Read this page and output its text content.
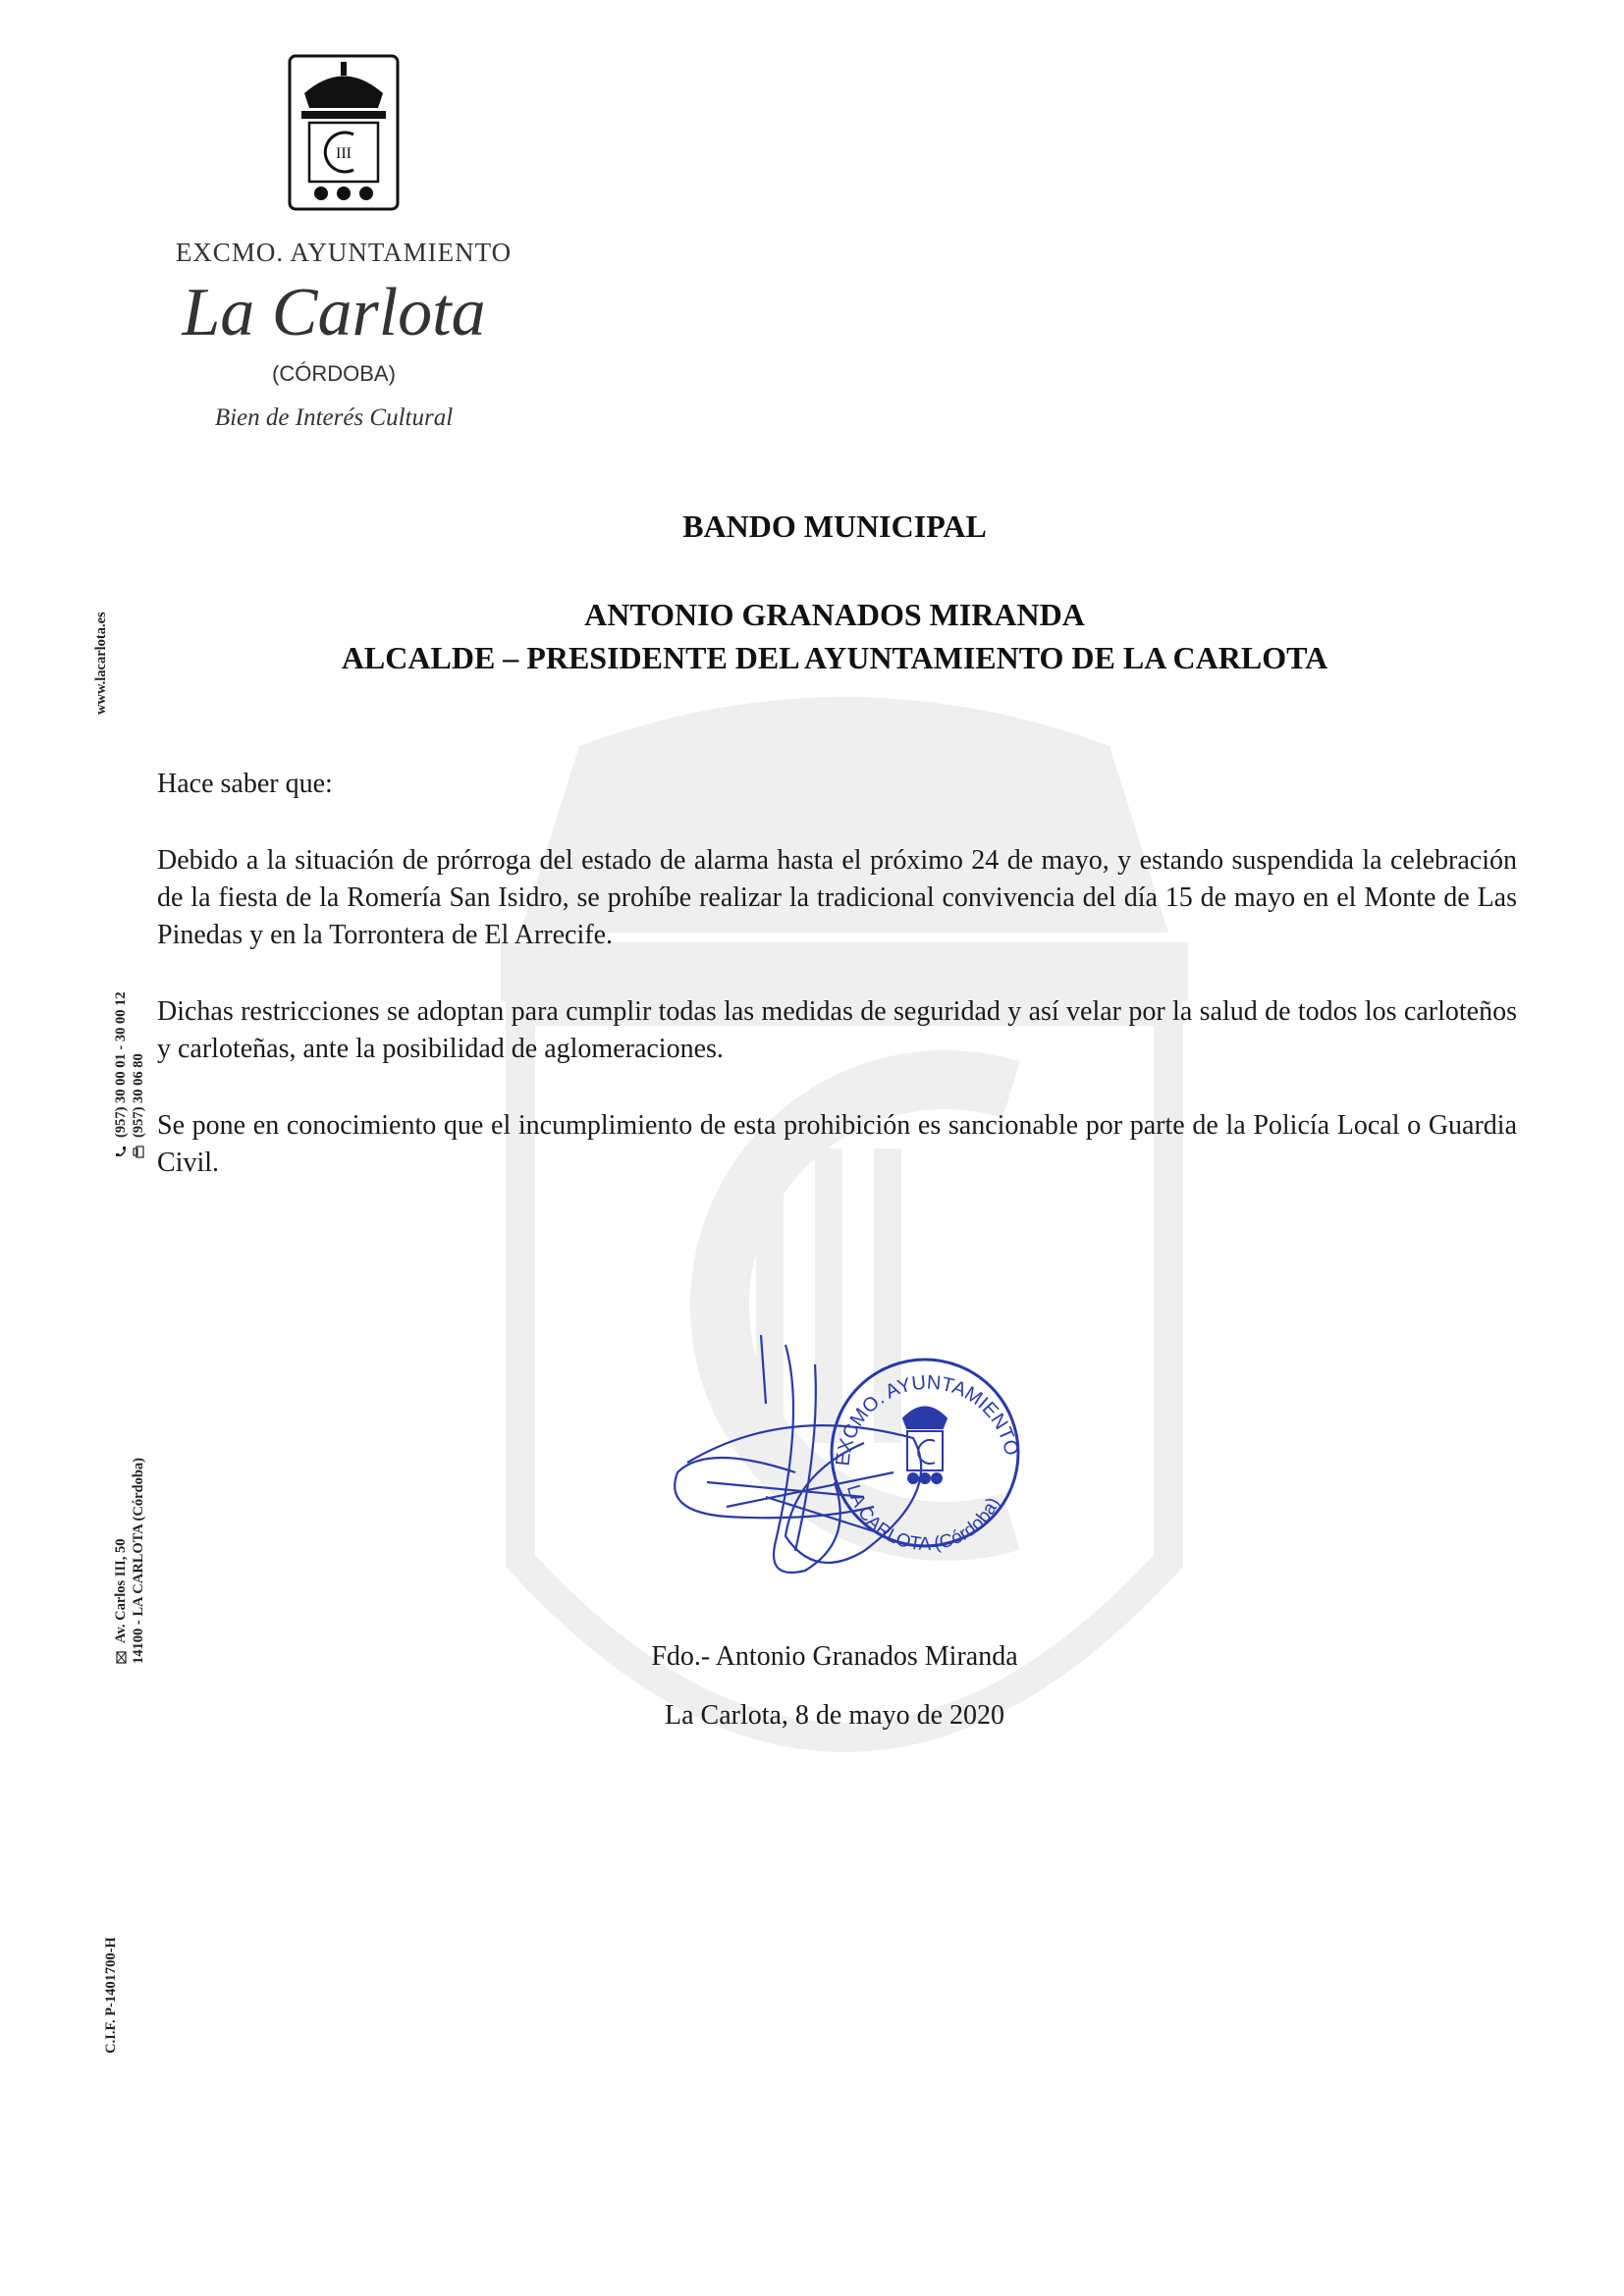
III
EXCMO. AYUNTAMIENTO
La Carlota
(CÓRDOBA)
Bien de Interés Cultural
www.lacarlota.es
(957) 30 00 01 - 30 00 12 (957) 30 06 80
Av. Carlos III, 50 14100 - LA CARLOTA (Córdoba)
C.I.F. P-1401700-H
BANDO MUNICIPAL
ANTONIO GRANADOS MIRANDA
ALCALDE – PRESIDENTE DEL AYUNTAMIENTO DE LA CARLOTA

Hace saber que:

Debido a la situación de prórroga del estado de alarma hasta el próximo 24 de mayo, y estando suspendida la celebración de la fiesta de la Romería San Isidro, se prohíbe realizar la tradicional convivencia del día 15 de mayo en el Monte de Las Pinedas y en la Torrontera de El Arrecife.

Dichas restricciones se adoptan para cumplir todas las medidas de seguridad y así velar por la salud de todos los carloteños y carloteñas, ante la posibilidad de aglomeraciones.

Se pone en conocimiento que el incumplimiento de esta prohibición es sancionable por parte de la Policía Local o Guardia Civil.

EXCMO. AYUNTAMIENTO
LA CARLOTA (Córdoba)
Fdo.- Antonio Granados Miranda
La Carlota, 8 de mayo de 2020
